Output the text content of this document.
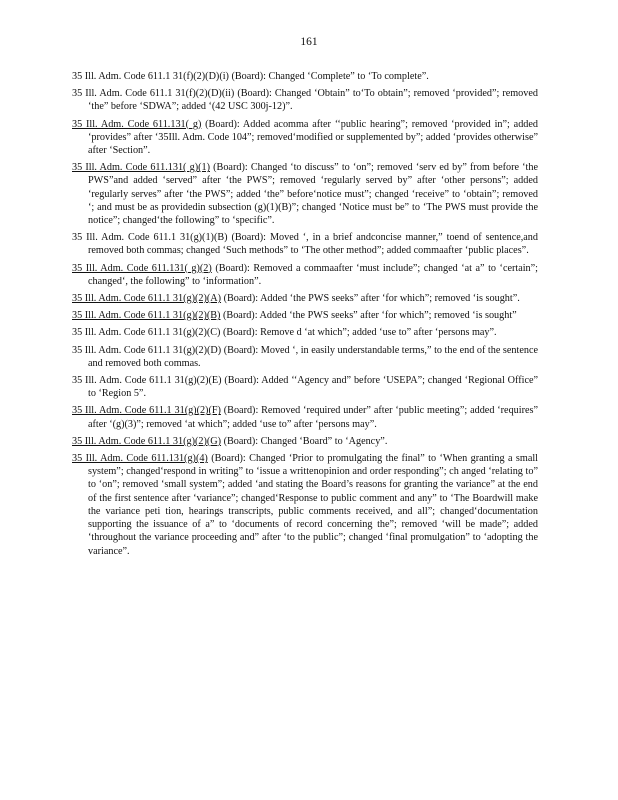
161

35 Ill. Adm. Code 611.1 31(f)(2)(D)(i) (Board): Changed ‘Complete” to ‘To complete”.

35 Ill. Adm. Code 611.1 31(f)(2)(D)(ii) (Board): Changed ‘Obtain” to‘To obtain”; removed ‘provided”; removed ‘the” before ‘SDWA”; added ‘(42 USC 300j-12)”.

35 Ill. Adm. Code 611.131( g) (Board): Added acomma after ‘‘public hearing”; removed ‘provided in”; added ‘provides” after ‘35Ill. Adm. Code 104”; removed‘modified or supplemented by”; added ‘provides otherwise” after ‘Section”.

35 Ill. Adm. Code 611.131( g)(1) (Board): Changed ‘to discuss” to ‘on”; removed ‘serv ed by” from before ‘the PWS”and added ‘served” after ‘the PWS”; removed ‘regularly served by” after ‘other persons”; added ‘regularly serves” after ‘the PWS”; added ‘the” before‘notice must”; changed ‘receive” to ‘obtain”; removed ‘; and must be as providedin subsection (g)(1)(B)”; changed ‘Notice must be” to ‘The PWS must provide the notice”; changed‘the following” to ‘specific”.

35 Ill. Adm. Code 611.1 31(g)(1)(B) (Board): Moved ‘, in a brief andconcise manner,” toend of sentence,and removed both commas; changed ‘Such methods” to ‘The other method”; added commaafter ‘public places”.

35 Ill. Adm. Code 611.131( g)(2) (Board): Removed a commaafter ‘must include”; changed ‘at a” to ‘certain”; changed‘, the following” to ‘information”.

35 Ill. Adm. Code 611.1 31(g)(2)(A) (Board): Added ‘the PWS seeks” after ‘for which”; removed ‘is sought”.

35 Ill. Adm. Code 611.1 31(g)(2)(B) (Board): Added ‘the PWS seeks” after ‘for which”; removed ‘is sought”

35 Ill. Adm. Code 611.1 31(g)(2)(C) (Board): Remove d ‘at which”; added ‘use to” after ‘persons may”.

35 Ill. Adm. Code 611.1 31(g)(2)(D) (Board): Moved ‘, in easily understandable terms,” to the end of the sentence and removed both commas.

35 Ill. Adm. Code 611.1 31(g)(2)(E) (Board): Added ‘‘Agency and” before ‘USEPA”; changed ‘Regional Office” to ‘Region 5”.

35 Ill. Adm. Code 611.1 31(g)(2)(F) (Board): Removed ‘required under” after ‘public meeting”; added ‘requires” after ‘(g)(3)”; removed ‘at which”; added ‘use to” after ‘persons may”.

35 Ill. Adm. Code 611.1 31(g)(2)(G) (Board): Changed ‘Board” to ‘Agency”.

35 Ill. Adm. Code 611.131(g)(4) (Board): Changed ‘Prior to promulgating the final” to ‘When granting a small system”; changed‘respond in writing” to ‘issue a writtenopinion and order responding”; ch anged ‘relating to” to ‘on”; removed ‘small system”; added ‘and stating the Board’s reasons for granting the variance” at the end of the first sentence after ‘variance”; changed‘Response to public comment and any” to ‘The Boardwill make the variance peti tion, hearings transcripts, public comments received, and all”; changed‘documentation supporting the issuance of a” to ‘documents of record concerning the”; removed ‘will be made”; added ‘throughout the variance proceeding and” after ‘to the public”; changed ‘final promulgation” to ‘adopting the variance”.
